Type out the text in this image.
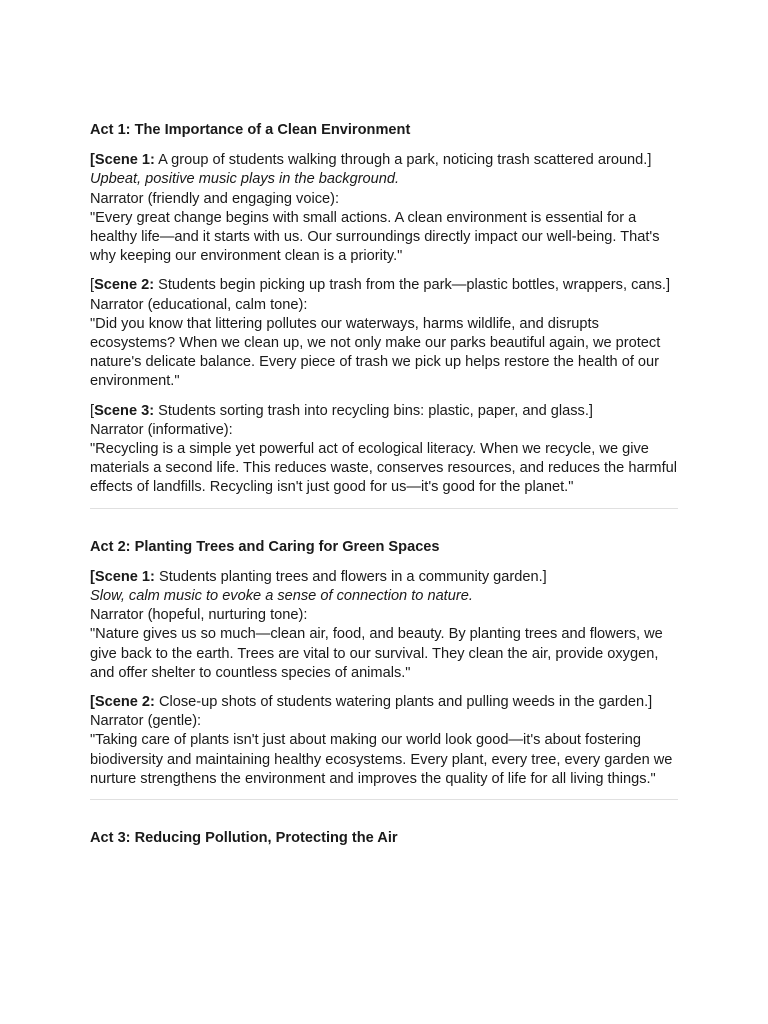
Act 1: The Importance of a Clean Environment

[Scene 1: A group of students walking through a park, noticing trash scattered around.]

Upbeat, positive music plays in the background.

Narrator (friendly and engaging voice):

"Every great change begins with small actions. A clean environment is essential for a healthy life—and it starts with us. Our surroundings directly impact our well-being. That's why keeping our environment clean is a priority."

[Scene 2: Students begin picking up trash from the park—plastic bottles, wrappers, cans.]

Narrator (educational, calm tone):

"Did you know that littering pollutes our waterways, harms wildlife, and disrupts ecosystems? When we clean up, we not only make our parks beautiful again, we protect nature's delicate balance. Every piece of trash we pick up helps restore the health of our environment."

[Scene 3: Students sorting trash into recycling bins: plastic, paper, and glass.]

Narrator (informative):

"Recycling is a simple yet powerful act of ecological literacy. When we recycle, we give materials a second life. This reduces waste, conserves resources, and reduces the harmful effects of landfills. Recycling isn't just good for us—it's good for the planet."

Act 2: Planting Trees and Caring for Green Spaces

[Scene 1: Students planting trees and flowers in a community garden.]

Slow, calm music to evoke a sense of connection to nature.

Narrator (hopeful, nurturing tone):

"Nature gives us so much—clean air, food, and beauty. By planting trees and flowers, we give back to the earth. Trees are vital to our survival. They clean the air, provide oxygen, and offer shelter to countless species of animals."

[Scene 2: Close-up shots of students watering plants and pulling weeds in the garden.]

Narrator (gentle):

"Taking care of plants isn't just about making our world look good—it's about fostering biodiversity and maintaining healthy ecosystems. Every plant, every tree, every garden we nurture strengthens the environment and improves the quality of life for all living things."

Act 3: Reducing Pollution, Protecting the Air
